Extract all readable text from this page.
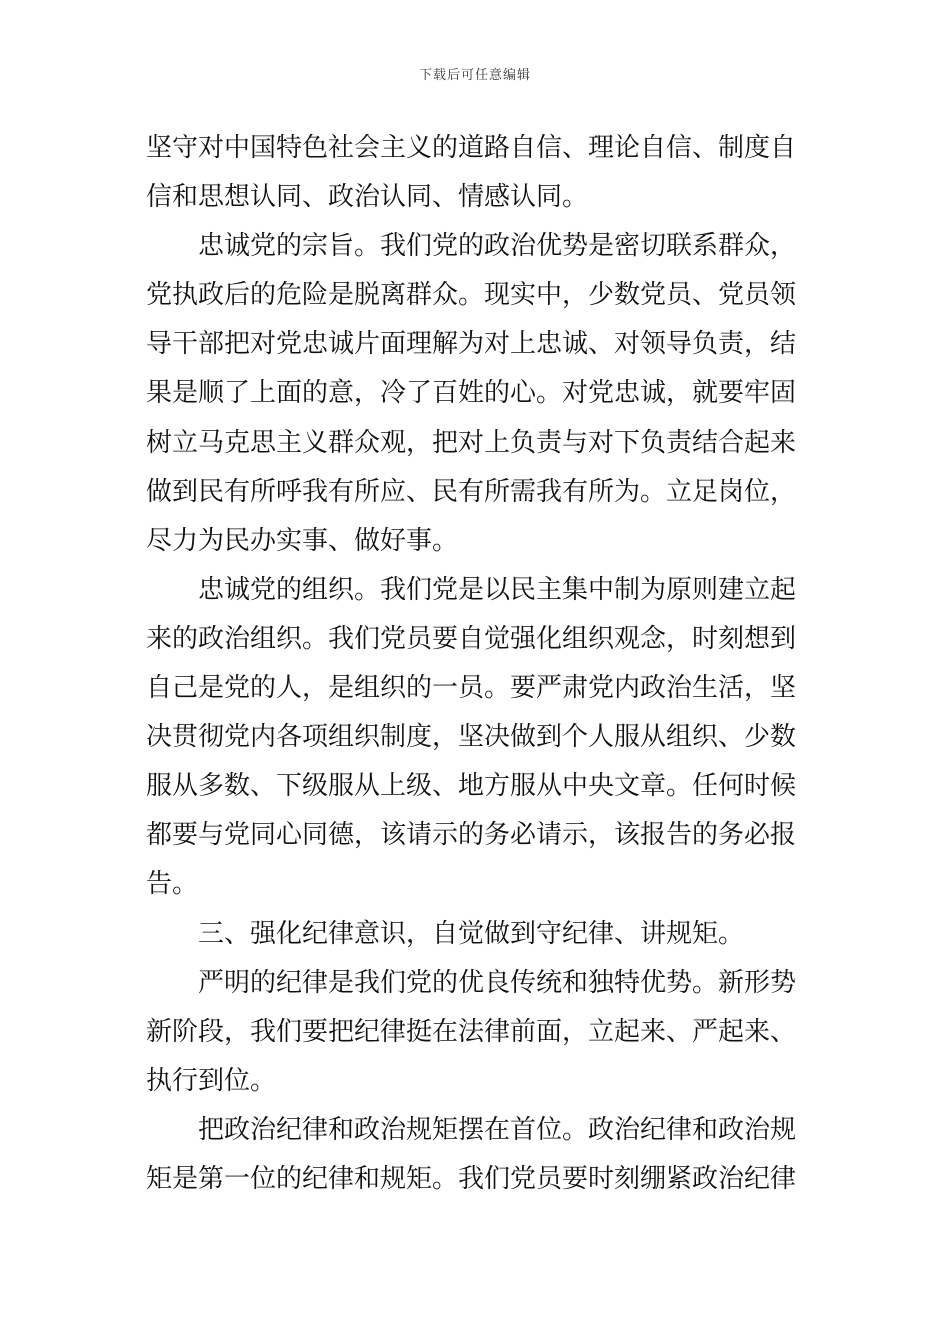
下载后可任意编辑
坚守对中国特色社会主义的道路自信、理论自信、制度自
信和思想认同、政治认同、情感认同。
　　忠诚党的宗旨。我们党的政治优势是密切联系群众，
党执政后的危险是脱离群众。现实中，少数党员、党员领
导干部把对党忠诚片面理解为对上忠诚、对领导负责，结
果是顺了上面的意，冷了百姓的心。对党忠诚，就要牢固
树立马克思主义群众观，把对上负责与对下负责结合起来
做到民有所呼我有所应、民有所需我有所为。立足岗位，
尽力为民办实事、做好事。
　　忠诚党的组织。我们党是以民主集中制为原则建立起
来的政治组织。我们党员要自觉强化组织观念，时刻想到
自己是党的人，是组织的一员。要严肃党内政治生活，坚
决贯彻党内各项组织制度，坚决做到个人服从组织、少数
服从多数、下级服从上级、地方服从中央文章。任何时候
都要与党同心同德，该请示的务必请示，该报告的务必报
告。
　　三、强化纪律意识，自觉做到守纪律、讲规矩。
　　严明的纪律是我们党的优良传统和独特优势。新形势
新阶段，我们要把纪律挺在法律前面，立起来、严起来、
执行到位。
　　把政治纪律和政治规矩摆在首位。政治纪律和政治规
矩是第一位的纪律和规矩。我们党员要时刻绷紧政治纪律
